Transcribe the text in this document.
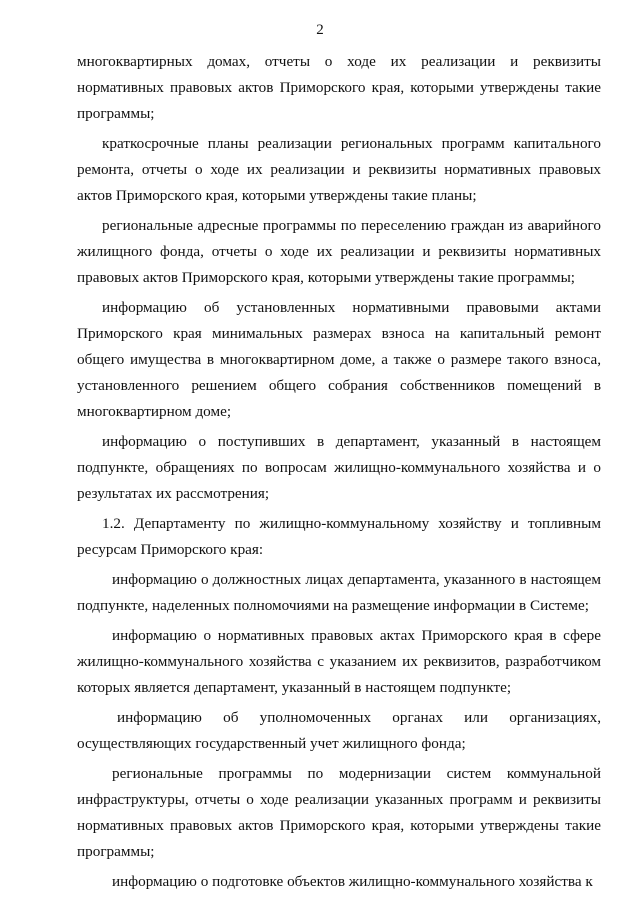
2
многоквартирных домах, отчеты о ходе их реализации и реквизиты
нормативных правовых актов Приморского края, которыми утверждены такие
программы;
краткосрочные планы реализации региональных программ капитального
ремонта, отчеты о ходе их реализации и реквизиты нормативных правовых
актов Приморского края, которыми утверждены такие планы;
региональные адресные программы по переселению граждан из аварийного
жилищного фонда, отчеты о ходе их реализации и реквизиты нормативных
правовых актов Приморского края, которыми утверждены такие программы;
информацию об установленных нормативными правовыми актами
Приморского края минимальных размерах взноса на капитальный ремонт
общего имущества в многоквартирном доме, а также о размере такого взноса,
установленного решением общего собрания собственников помещений в
многоквартирном доме;
информацию о поступивших в департамент, указанный в настоящем
подпункте, обращениях по вопросам жилищно-коммунального хозяйства и о
результатах их рассмотрения;
1.2. Департаменту по жилищно-коммунальному хозяйству и топливным
ресурсам Приморского края:
информацию о должностных лицах департамента, указанного в настоящем
подпункте, наделенных полномочиями на размещение информации в Системе;
информацию о нормативных правовых актах Приморского края в сфере
жилищно-коммунального хозяйства с указанием их реквизитов, разработчиком
которых является департамент, указанный в настоящем подпункте;
информацию об уполномоченных органах или организациях,
осуществляющих государственный учет жилищного фонда;
региональные программы по модернизации систем коммунальной
инфраструктуры, отчеты о ходе реализации указанных программ и реквизиты
нормативных правовых актов Приморского края, которыми утверждены такие
программы;
информацию о подготовке объектов жилищно-коммунального хозяйства к
